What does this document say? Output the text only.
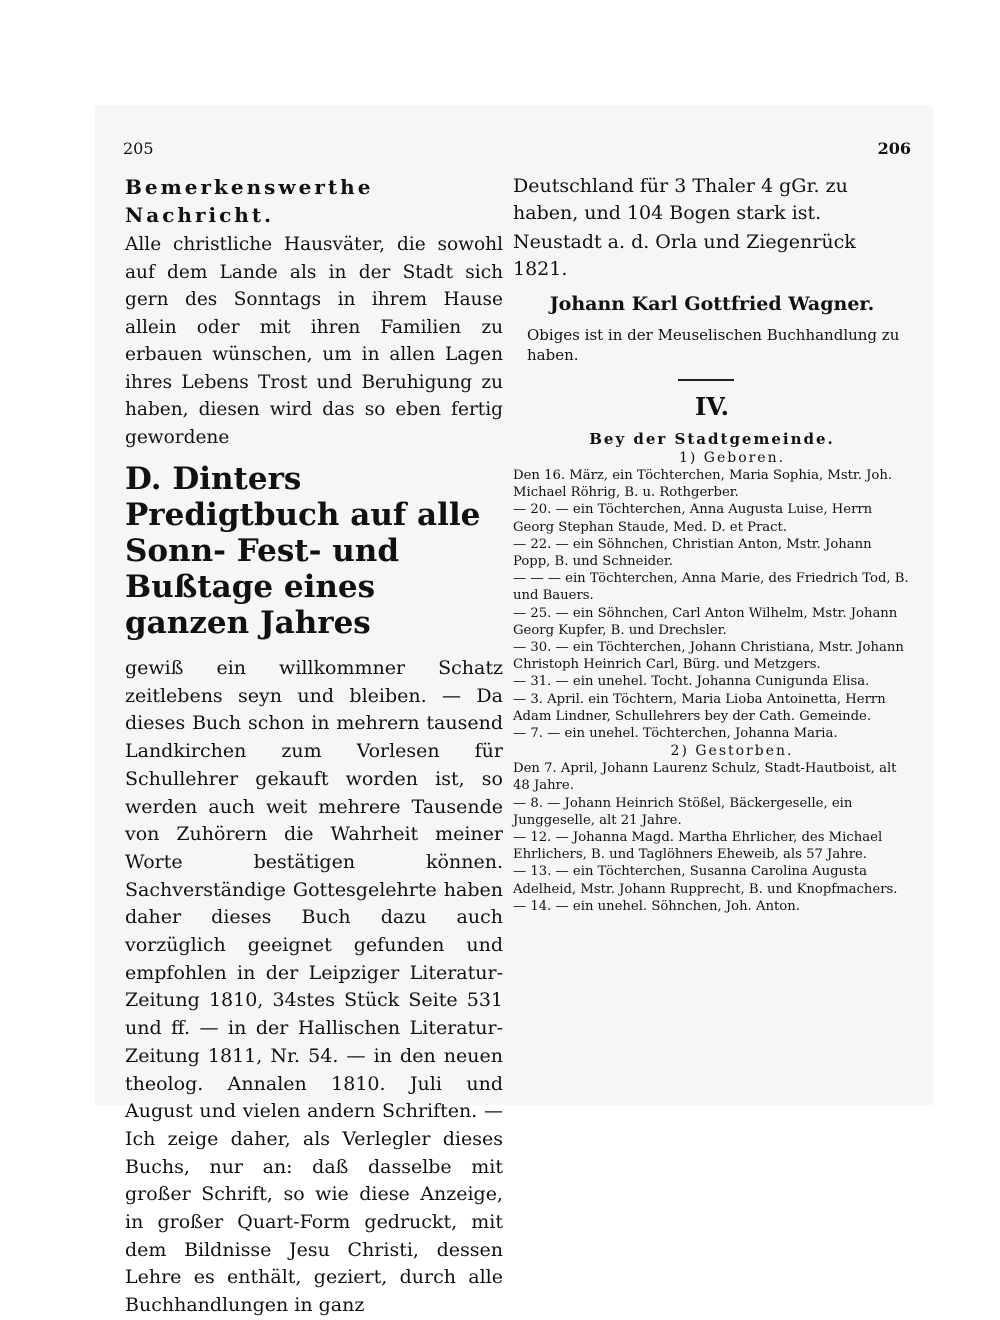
205	206
Bemerkenswerthe Nachricht.
Alle christliche Hausväter, die sowohl auf dem Lande als in der Stadt sich gern des Sonntags in ihrem Hause allein oder mit ihren Familien zu erbauen wünschen, um in allen Lagen ihres Lebens Trost und Beruhigung zu haben, diesen wird das so eben fertig gewordene
D. Dinters Predigtbuch auf alle Sonn- Fest- und Bußtage eines ganzen Jahres
gewiß ein willkommner Schatz zeitlebens seyn und bleiben. — Da dieses Buch schon in mehrern tausend Landkirchen zum Vorlesen für Schullehrer gekauft worden ist, so werden auch weit mehrere Tausende von Zuhörern die Wahrheit meiner Worte bestätigen können. Sachverständige Gottesgelehrte haben daher dieses Buch dazu auch vorzüglich geeignet gefunden und empfohlen in der Leipziger Literatur-Zeitung 1810, 34stes Stück Seite 531 und ff. — in der Hallischen Literatur-Zeitung 1811, Nr. 54. — in den neuen theolog. Annalen 1810. Juli und August und vielen andern Schriften. — Ich zeige daher, als Verlegler dieses Buchs, nur an: daß dasselbe mit großer Schrift, so wie diese Anzeige, in großer Quart-Form gedruckt, mit dem Bildnisse Jesu Christi, dessen Lehre es enthält, geziert, durch alle Buchhandlungen in ganz
Deutschland für 3 Thaler 4 gGr. zu haben, und 104 Bogen stark ist.
Neustadt a. d. Orla und Ziegenrück 1821.
Johann Karl Gottfried Wagner.
Obiges ist in der Meuselischen Buchhandlung zu haben.
IV.
Bey der Stadtgemeinde.
1) Geboren.

Den 16. März, ein Töchterchen, Maria Sophia, Mstr. Joh. Michael Röhrig, B. u. Rothgerber.

— 20. — ein Töchterchen, Anna Augusta Luise, Herrn Georg Stephan Staude, Med. D. et Pract.

— 22. — ein Söhnchen, Christian Anton, Mstr. Johann Popp, B. und Schneider.

— — — ein Töchterchen, Anna Marie, des Friedrich Tod, B. und Bauers.

— 25. — ein Söhnchen, Carl Anton Wilhelm, Mstr. Johann Georg Kupfer, B. und Drechsler.

— 30. — ein Töchterchen, Johann Christiana, Mstr. Johann Christoph Heinrich Carl, Bürg. und Metzgers.

— 31. — ein unehel. Tocht. Johanna Cunigunda Elisa.

— 3. April. ein Töchtern, Maria Lioba Antoinetta, Herrn Adam Lindner, Schullehrers bey der Cath. Gemeinde.

— 7. — ein unehel. Töchterchen, Johanna Maria.

2) Gestorben.

Den 7. April, Johann Laurenz Schulz, Stadt-Hautboist, alt 48 Jahre.

— 8. — Johann Heinrich Stößel, Bäckergeselle, ein Junggeselle, alt 21 Jahre.

— 12. — Johanna Magd. Martha Ehrlicher, des Michael Ehrlichers, B. und Taglöhners Eheweib, als 57 Jahre.

— 13. — ein Töchterchen, Susanna Carolina Augusta Adelheid, Mstr. Johann Rupprecht, B. und Knopfmachers.

— 14. — ein unehel. Söhnchen, Joh. Anton.
